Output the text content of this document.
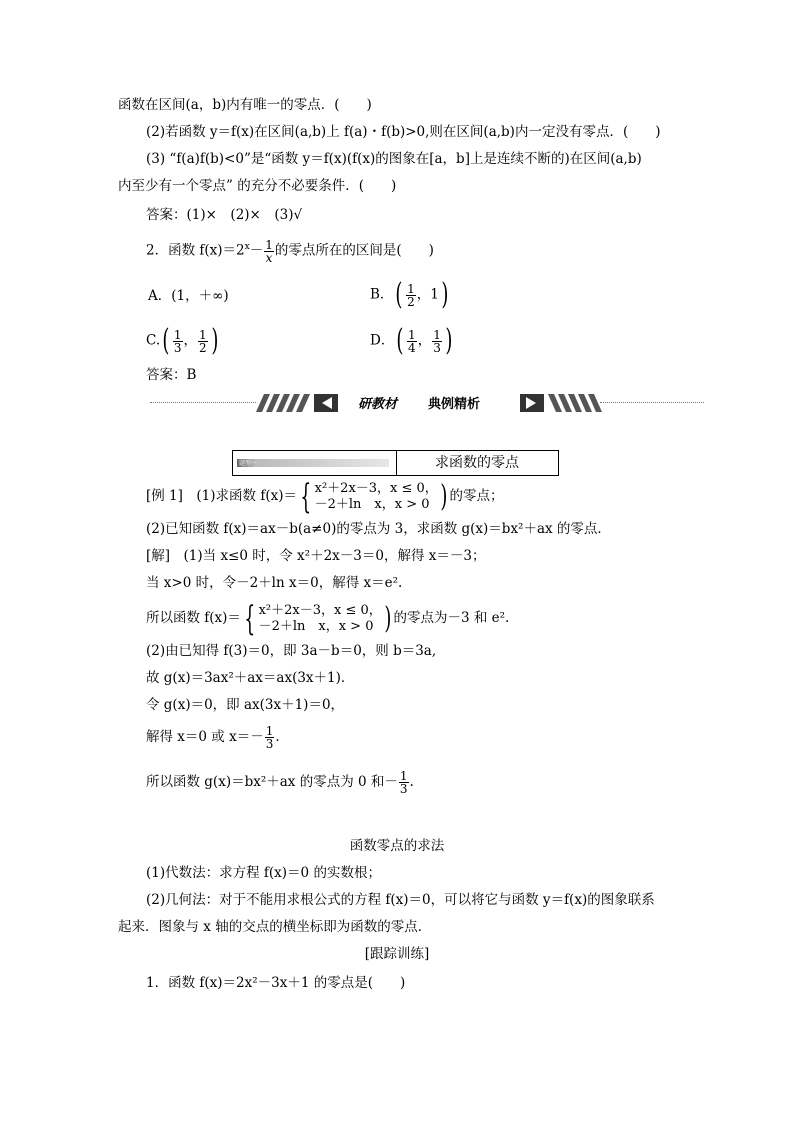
函数在区间(a，b)内有唯一的零点．(　　)
(2)若函数 y＝f(x)在区间(a,b)上 f(a)・f(b)>0,则在区间(a,b)内一定没有零点．(　　)
(3) “f(a)f(b)<0”是“函数 y＝f(x)(f(x)的图象在[a，b]上是连续不断的)在区间(a,b)
内至少有一个零点” 的充分不必要条件．(　　)
答案：(1)×　(2)×　(3)√
2．函数 $f(x)=2^x- \frac{1}{x}$ 的零点所在的区间是(　　)
A．(1，＋∞)	B．( $\frac{1}{2}$ ，1)
$C.( \frac{1}{3}$ ， $\frac{1}{2}$ )	D．( $\frac{1}{4}$ ， $\frac{1}{3}$ )
答案：B
研教材 典例精析
题型一	求函数的零点
[例 1]　(1)求函数 f(x)＝ { x²＋2x－3，x ≤ 0，
－2＋ln　x，x > 0 ) 的零点；
(2)已知函数 f(x)＝ax－b(a≠0)的零点为 3，求函数 g(x)＝bx²＋ax 的零点．
[解]　(1)当 x≤0 时，令 x²＋2x－3＝0，解得 x＝－3；
当 x>0 时，令－2＋ln x＝0，解得 x＝e².
所以函数 f(x)＝ { x²＋2x－3，x ≤ 0，
－2＋ln　x，x > 0 ) 的零点为－3 和 e².
(2)由已知得 f(3)＝0，即 3a－b＝0，则 b＝3a,
故 g(x)＝3ax²＋ax＝ax(3x＋1)．
令 g(x)＝0，即 ax(3x＋1)＝0，
解得 x＝0 或 $x=- \frac{1}{3}$ .
所以函数 g(x)＝bx²＋ax 的零点为 0 和－ $\frac{1}{3}$ .
函数零点的求法
(1)代数法：求方程 f(x)＝0 的实数根；
(2)几何法：对于不能用求根公式的方程 f(x)＝0，可以将它与函数 y＝f(x)的图象联系
起来．图象与 x 轴的交点的横坐标即为函数的零点．
[跟踪训练]
1．函数 f(x)＝2x²－3x＋1 的零点是(　　)
